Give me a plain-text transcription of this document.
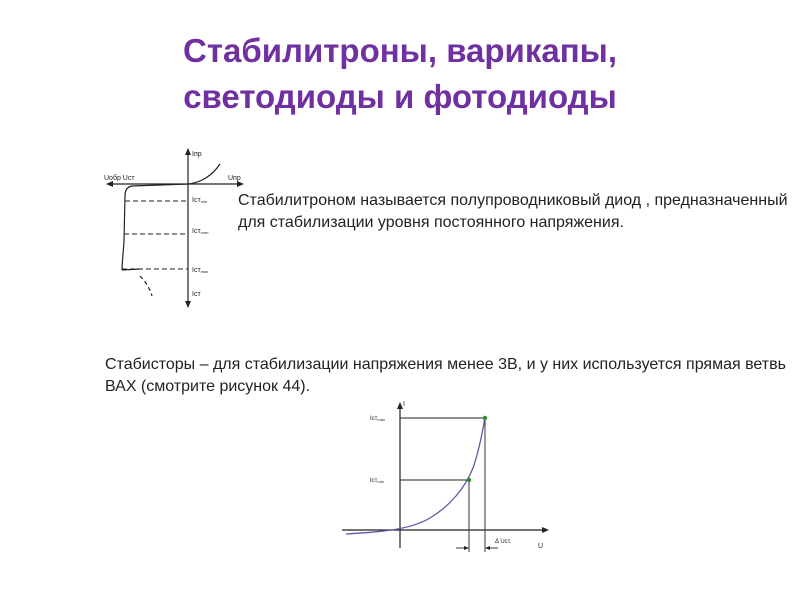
Стабилитроны, варикапы,
светодиоды и фотодиоды
Iпр
Uобр Uст	Uпр
Iстmin
Iстnom
Iстmax
Iст
Стабилитроном называется полупроводниковый диод , предназначенный
для стабилизации уровня постоянного напряжения.
Стабисторы – для стабилизации напряжения менее 3В, и у них используется прямая ветвь
ВАХ (смотрите рисунок 44).
I
Iстmax
Iстmin
Δ Uст.
U
